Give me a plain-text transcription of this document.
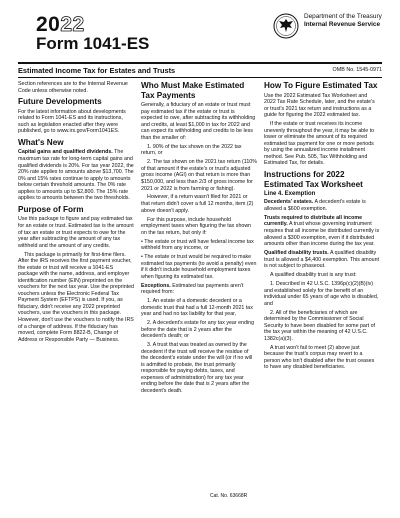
2022
Form 1041-ES
Department of the Treasury
Internal Revenue Service
Estimated Income Tax for Estates and Trusts	OMB No. 1545-0971

Section references are to the Internal Revenue Code unless otherwise noted.

Future Developments

For the latest information about developments related to Form 1041-ES and its instructions, such as legislation enacted after they were published, go to www.irs.gov/Form1041ES.

What's New

Capital gains and qualified dividends. The maximum tax rate for long-term capital gains and qualified dividends is 20%. For tax year 2022, the 20% rate applies to amounts above $13,700. The 0% and 15% rates continue to apply to amounts below certain threshold amounts. The 0% rate applies to amounts up to $2,800. The 15% rate applies to amounts between the two thresholds.

Purpose of Form

Use this package to figure and pay estimated tax for an estate or trust. Estimated tax is the amount of tax an estate or trust expects to owe for the year after subtracting the amount of any tax withheld and the amount of any credits.

This package is primarily for first-time filers. After the IRS receives the first payment voucher, the estate or trust will receive a 1041-ES package with the name, address, and employer identification number (EIN) preprinted on the vouchers for the next tax year. Use the preprinted vouchers unless the Electronic Federal Tax Payment System (EFTPS) is used. If you, as fiduciary, didn't receive any 2022 preprinted vouchers, use the vouchers in this package. However, don't use the vouchers to notify the IRS of a change of address. If the fiduciary has moved, complete Form 8822-B, Change of Address or Responsible Party — Business.

Who Must Make Estimated Tax Payments

Generally, a fiduciary of an estate or trust must pay estimated tax if the estate or trust is expected to owe, after subtracting its withholding and credits, at least $1,000 in tax for 2022 and can expect its withholding and credits to be less than the smaller of:

1. 90% of the tax shown on the 2022 tax return, or

2. The tax shown on the 2021 tax return (110% of that amount if the estate's or trust's adjusted gross income (AGI) on that return is more than $150,000, and less than 2/3 of gross income for 2021 or 2022 is from farming or fishing).

However, if a return wasn't filed for 2021 or that return didn't cover a full 12 months, item (2) above doesn't apply.

For this purpose, include household employment taxes when figuring the tax shown on the tax return, but only if:

• The estate or trust will have federal income tax withheld from any income, or

• The estate or trust would be required to make estimated tax payments (to avoid a penalty) even if it didn't include household employment taxes when figuring its estimated tax.

Exceptions. Estimated tax payments aren't required from:

1. An estate of a domestic decedent or a domestic trust that had a full 12-month 2021 tax year and had no tax liability for that year,

2. A decedent's estate for any tax year ending before the date that is 2 years after the decedent's death; or

3. A trust that was treated as owned by the decedent if the trust will receive the residue of the decedent's estate under the will (or if no will is admitted to probate, the trust primarily responsible for paying debts, taxes, and expenses of administration) for any tax year ending before the date that is 2 years after the decedent's death.

How To Figure Estimated Tax

Use the 2022 Estimated Tax Worksheet and 2022 Tax Rate Schedule, later, and the estate's or trust's 2021 tax return and instructions as a guide for figuring the 2022 estimated tax.

If the estate or trust receives its income unevenly throughout the year, it may be able to lower or eliminate the amount of its required estimated tax payment for one or more periods by using the annualized income installment method. See Pub. 505, Tax Withholding and Estimated Tax, for details.

Instructions for 2022 Estimated Tax Worksheet
Line 4. Exemption

Decedents' estates. A decedent's estate is allowed a $600 exemption.

Trusts required to distribute all income currently. A trust whose governing instrument requires that all income be distributed currently is allowed a $300 exemption, even if it distributed amounts other than income during the tax year.

Qualified disability trusts. A qualified disability trust is allowed a $4,400 exemption. This amount is not subject to phaseout.

A qualified disability trust is any trust:

1. Described in 42 U.S.C. 1396p(c)(2)(B)(iv) and established solely for the benefit of an individual under 65 years of age who is disabled, and

2. All of the beneficiaries of which are determined by the Commissioner of Social Security to have been disabled for some part of the tax year within the meaning of 42 U.S.C. 1382c(a)(3).

A trust won't fail to meet (2) above just because the trust's corpus may revert to a person who isn't disabled after the trust ceases to have any disabled beneficiaries.

Cat. No. 63668R
